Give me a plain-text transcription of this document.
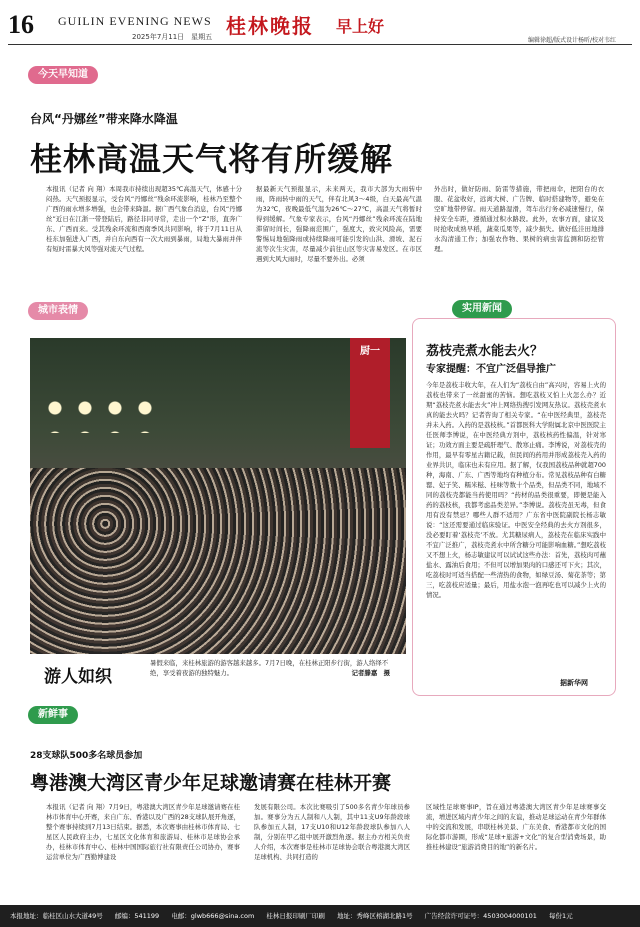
16 GUILIN EVENING NEWS
2025年7月11日　星期五 桂林晚报 早上好
编辑徐超/版式设计杨昕/校对韦红
今天早知道
台风“丹娜丝”带来降水降温
桂林高温天气将有所缓解
本报讯（记者 向 翔）本周我市持续出现超35℃高温天气，体感十分闷热。天气预报显示，受台风“丹娜丝”残余环流影响，桂林乃至整个广西的雨水增多增强，也会带来降温。据广西气象台消息，台风“丹娜丝”近日在江浙一带登陆后，路径非同寻常，走出一个“Z”形，直奔广东、广西而来。受其残余环流和西南季风共同影响，将于7月11日从桂东加强进入广西，并自东向西有一次大雨到暴雨，局地大暴雨并伴有短时雷暴大风等强对流天气过程。
据最新天气预报显示，未来两天，我市大部为大雨转中雨，阵雨转中雨的天气，伴有北风3～4级，白天最高气温为32℃，夜晚最低气温为26℃～27℃，高温天气将暂时得到缓解。气象专家表示，台风“丹娜丝”残余环流在陆地滞留时间长，强降雨范围广，强度大，致灾风险高，需要警惕局地强降雨或持续降雨可能引发的山洪、滑坡、泥石流等次生灾害，尽量减少前往山区等灾害易发区。在市区遇到大风大雨时，尽量不要外出。必须
外出时，做好防雨、防雷等措施，带把雨伞，把阳台的衣服、花盆收好，远离大树、广告牌、临时搭建物等，避免在空旷地带停留。雨天道路湿滑，驾车出行务必减速慢行，保持安全车距，遵循通过积水路段。此外，农事方面，建议及时抢收成熟早稻，蔬菜瓜果等，减少损失。做好低洼田地排水沟清通工作；加强农作物、果树的病虫害监测和防控管理。
城市表情
厨一
游人如织
暑假来临，来桂林旅游的游客越来越多。7月7日晚，在桂林正阳步行街，游人络绎不绝，享受着夜游的独特魅力。	记者滕嘉　摄
实用新闻
荔枝壳煮水能去火？
专家提醒：不宜广泛倡导推广
今年是荔枝丰收大年，在人们为“荔枝自由”高兴时，容易上火的荔枝也带来了一丝甜蜜的苦恼。想吃荔枝又怕上火怎么办？近期“荔枝壳煮水能去火”冲上网络热搜引发网友热议。荔枝壳煮水真的能去火吗？记者咨询了相关专家。“在中医经典里，荔枝壳并未入药。入药的是荔枝核。”首都医科大学附属北京中医医院主任医师李博说，在中医经典方剂中，荔枝核药性偏温，针对寒证；功效方面主要是疏肝理气、散寒止痛。李博说，对荔枝壳的作用，最早有零星古籍记载，但民间的药用并形成荔枝壳入药的业界共识，临床也未有应用。据了解，仅我国荔枝品种就超700种，海南、广东、广西等地均有种植分布。常见荔枝品种有白糖罂、妃子笑、糯米糍、桂味等数十个品类，但品类不同，地域不同的荔枝壳都能当药使用吗？“药材的品类很重要，即便是能入药的荔枝核，我都考虑品类差异。”李博说。荔枝壳虽无毒，但食用有没有禁忌？哪些人群不适用？广东省中医院副院长杨志敏说：“这还需要通过临床验证。中医安全经典的去火方剂很多，没必要盯着‘荔枝壳’不放。尤其糖尿病人，荔枝壳在临床实践中不宜广泛推广，荔枝壳煮水中所含糖分可能影响血糖。”想吃荔枝又不想上火，杨志敏建议可以试试这些办法：首先，荔枝肉可蘸盐水、露油后食用；不但可以增加果肉的口感还可下火；其次，吃荔枝时可适当搭配一些清热的食物，如绿豆汤、菊花茶等；第三，吃荔枝应适量；最后，用盐水泡一泡再吃也可以减少上火的情况。
据新华网
新鲜事
28支球队500多名球员参加
粤港澳大湾区青少年足球邀请赛在桂林开赛
本报讯（记者 向 翔）7月9日，粤港澳大湾区青少年足球邀请赛在桂林市体育中心开赛，来自广东、香港以及广西的28支球队展开角逐，整个赛事持续到7月13日结束。据悉，本次赛事由桂林市体育局、七星区人民政府主办，七星区文化体育和旅游局、桂林市足球协会承办，桂林市体育中心、桂林中国国际旅行社有限责任公司协办，赛事运营单位为广西勤博建设
发展有限公司。本次比赛吸引了500多名青少年球员参加。赛事分为五人制和八人制，其中11支U9年龄段球队参加五人制，17支U10和U12年龄段球队参加八人制，分别在甲乙组中展开激烈角逐。据主办方相关负责人介绍，本次赛事是桂林市足球协会联合粤港澳大湾区足球机构、共同打造的
区域性足球赛事IP，旨在通过粤港澳大湾区青少年足球赛事交流，增进区域内青少年之间的友谊，推动足球运动在青少年群体中的交流和发展，串联桂林美景、广东美食、香港都市文化的国际化都市游圈，形成“足球+旅游+文化”的复合型消费场景，助推桂林建设“旅游消费目的地”的新名片。
本报地址：临桂区山水大道49号 邮编：541199 电邮：glwb666@sina.com 桂林日报印刷厂印刷 地址：秀峰区榕湖北路1号 广告经营许可证号：4503004000101 每份1元
